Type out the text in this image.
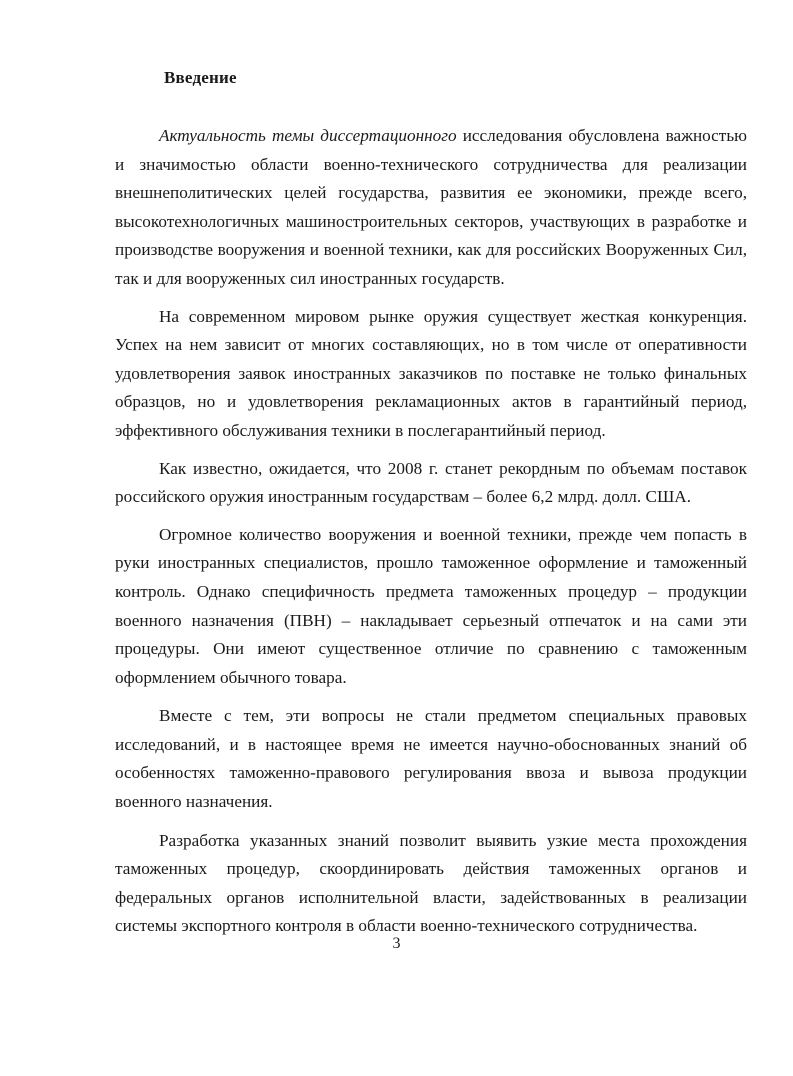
Введение

Актуальность темы диссертационного исследования обусловлена важностью и значимостью области военно-технического сотрудничества для реализации внешнеполитических целей государства, развития ее экономики, прежде всего, высокотехнологичных машиностроительных секторов, участвующих в разработке и производстве вооружения и военной техники, как для российских Вооруженных Сил, так и для вооруженных сил иностранных государств.

На современном мировом рынке оружия существует жесткая конкуренция. Успех на нем зависит от многих составляющих, но в том числе от оперативности удовлетворения заявок иностранных заказчиков по поставке не только финальных образцов, но и удовлетворения рекламационных актов в гарантийный период, эффективного обслуживания техники в послегарантийный период.

Как известно, ожидается, что 2008 г. станет рекордным по объемам поставок российского оружия иностранным государствам – более 6,2 млрд. долл. США.

Огромное количество вооружения и военной техники, прежде чем попасть в руки иностранных специалистов, прошло таможенное оформление и таможенный контроль. Однако специфичность предмета таможенных процедур – продукции военного назначения (ПВН) – накладывает серьезный отпечаток и на сами эти процедуры. Они имеют существенное отличие по сравнению с таможенным оформлением обычного товара.

Вместе с тем, эти вопросы не стали предметом специальных правовых исследований, и в настоящее время не имеется научно-обоснованных знаний об особенностях таможенно-правового регулирования ввоза и вывоза продукции военного назначения.

Разработка указанных знаний позволит выявить узкие места прохождения таможенных процедур, скоординировать действия таможенных органов и федеральных органов исполнительной власти, задействованных в реализации системы экспортного контроля в области военно-технического сотрудничества.

3
